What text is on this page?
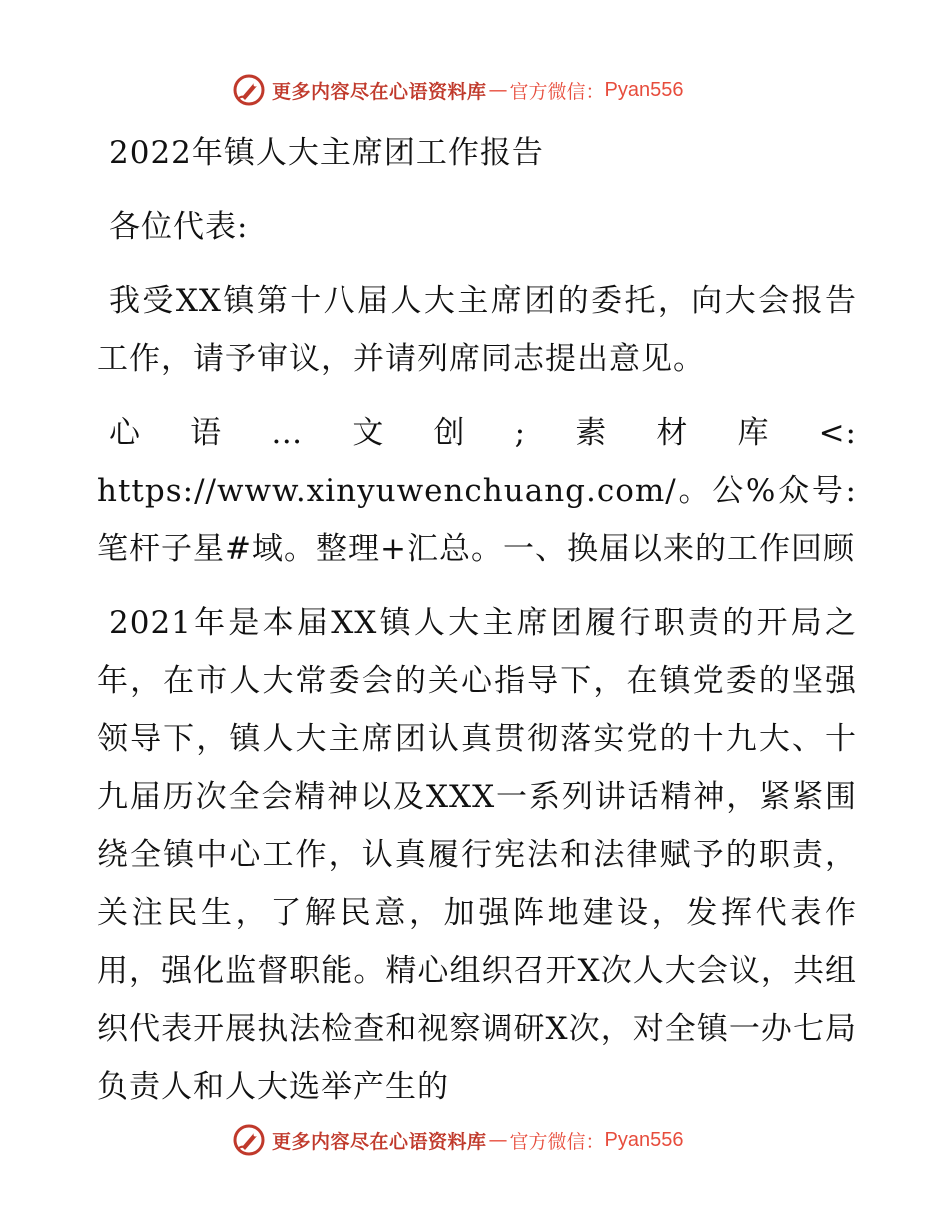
更多内容尽在心语资料库 — 官方微信： Pyan556

2022年镇人大主席团工作报告

各位代表:

我受XX镇第十八届人大主席团的委托，向大会报告工作，请予审议，并请列席同志提出意见。

心语…文创;素材库<: https://www.xinyuwenchuang.com/。公%众号: 笔杆子星#域。整理+汇总。一、换届以来的工作回顾

2021年是本届XX镇人大主席团履行职责的开局之年，在市人大常委会的关心指导下，在镇党委的坚强领导下，镇人大主席团认真贯彻落实党的十九大、十九届历次全会精神以及XXX一系列讲话精神，紧紧围绕全镇中心工作，认真履行宪法和法律赋予的职责，关注民生，了解民意，加强阵地建设，发挥代表作用，强化监督职能。精心组织召开X次人大会议，共组织代表开展执法检查和视察调研X次，对全镇一办七局负责人和人大选举产生的

更多内容尽在心语资料库 — 官方微信： Pyan556
